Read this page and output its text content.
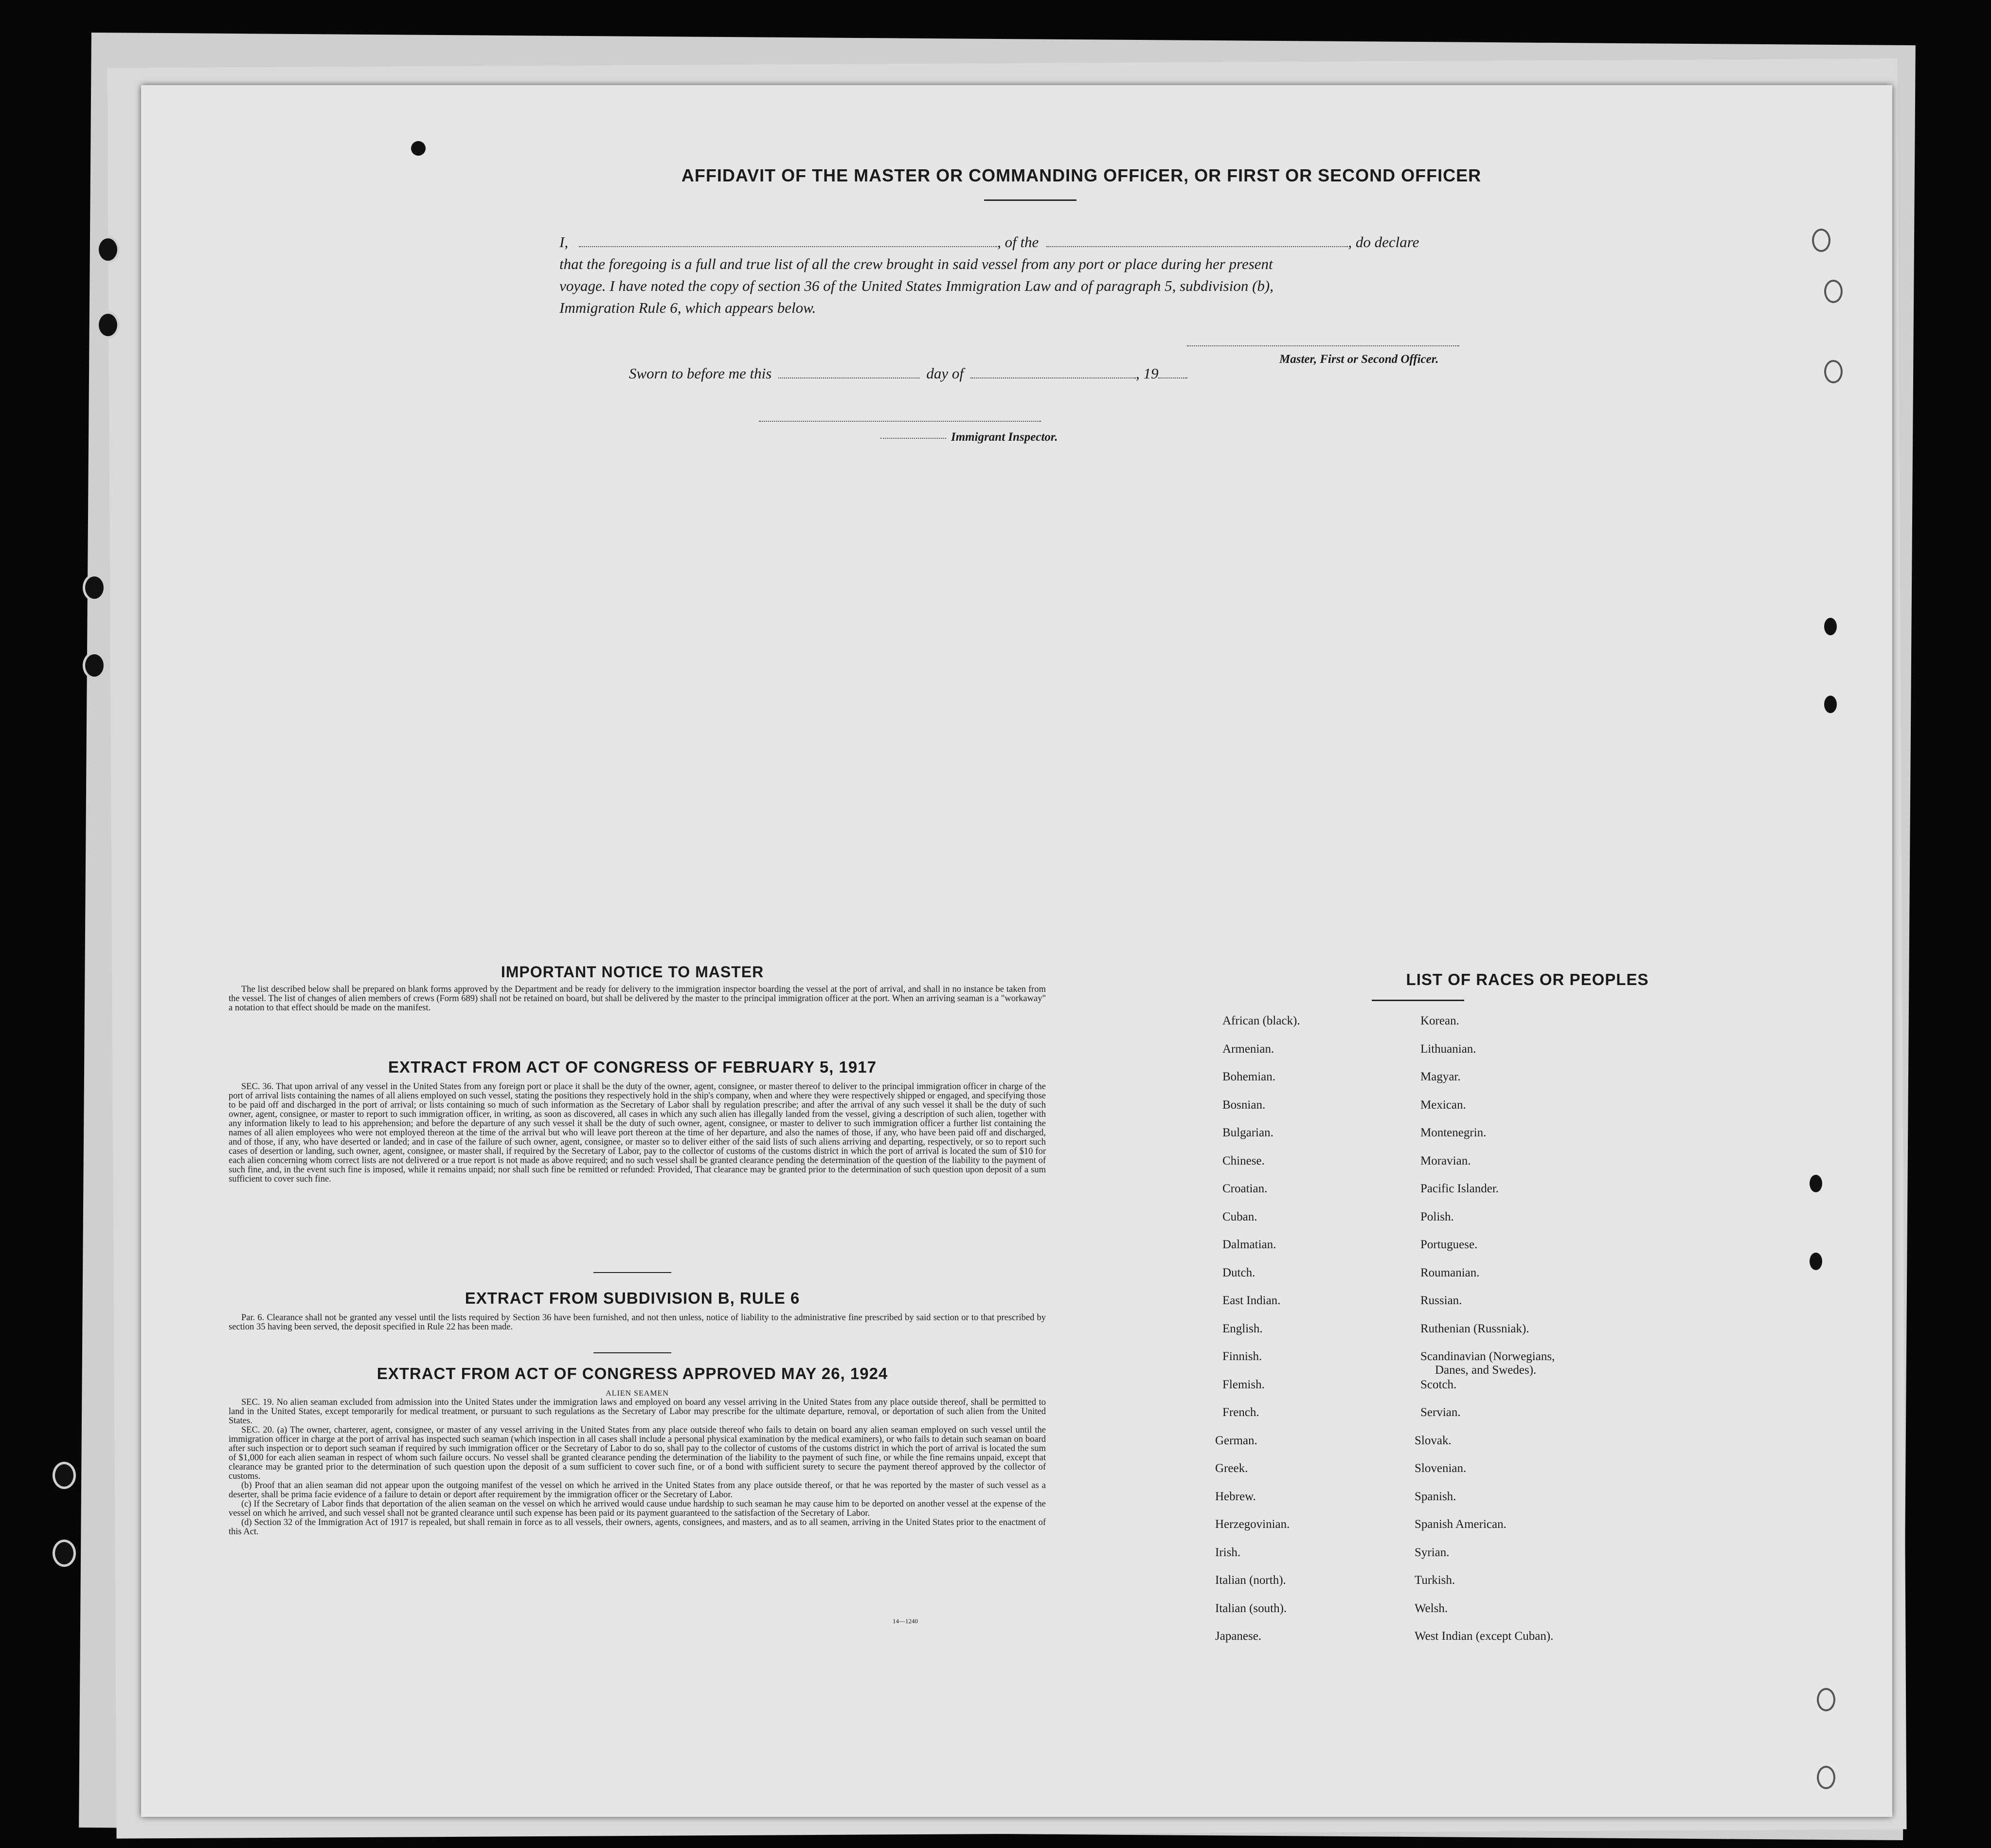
AFFIDAVIT OF THE MASTER OR COMMANDING OFFICER, OR FIRST OR SECOND OFFICER
I,	, of the	, do declare
that the foregoing is a full and true list of all the crew brought in said vessel from any port or place during her present
voyage. I have noted the copy of section 36 of the United States Immigration Law and of paragraph 5, subdivision (b),
Immigration Rule 6, which appears below.
Master, First or Second Officer.
Sworn to before me this	day of	, 19
Immigrant Inspector.
IMPORTANT NOTICE TO MASTER

The list described below shall be prepared on blank forms approved by the Department and be ready for delivery to the immigration inspector boarding the vessel at the port of arrival, and shall in no instance be taken from the vessel. The list of changes of alien members of crews (Form 689) shall not be retained on board, but shall be delivered by the master to the principal immigration officer at the port. When an arriving seaman is a "workaway" a notation to that effect should be made on the manifest.

EXTRACT FROM ACT OF CONGRESS OF FEBRUARY 5, 1917

SEC. 36. That upon arrival of any vessel in the United States from any foreign port or place it shall be the duty of the owner, agent, consignee, or master thereof to deliver to the principal immigration officer in charge of the port of arrival lists containing the names of all aliens employed on such vessel, stating the positions they respectively hold in the ship's company, when and where they were respectively shipped or engaged, and specifying those to be paid off and discharged in the port of arrival; or lists containing so much of such information as the Secretary of Labor shall by regulation prescribe; and after the arrival of any such vessel it shall be the duty of such owner, agent, consignee, or master to report to such immigration officer, in writing, as soon as discovered, all cases in which any such alien has illegally landed from the vessel, giving a description of such alien, together with any information likely to lead to his apprehension; and before the departure of any such vessel it shall be the duty of such owner, agent, consignee, or master to deliver to such immigration officer a further list containing the names of all alien employees who were not employed thereon at the time of the arrival but who will leave port thereon at the time of her departure, and also the names of those, if any, who have been paid off and discharged, and of those, if any, who have deserted or landed; and in case of the failure of such owner, agent, consignee, or master so to deliver either of the said lists of such aliens arriving and departing, respectively, or so to report such cases of desertion or landing, such owner, agent, consignee, or master shall, if required by the Secretary of Labor, pay to the collector of customs of the customs district in which the port of arrival is located the sum of $10 for each alien concerning whom correct lists are not delivered or a true report is not made as above required; and no such vessel shall be granted clearance pending the determination of the question of the liability to the payment of such fine, and, in the event such fine is imposed, while it remains unpaid; nor shall such fine be remitted or refunded: Provided, That clearance may be granted prior to the determination of such question upon deposit of a sum sufficient to cover such fine.

EXTRACT FROM SUBDIVISION B, RULE 6

Par. 6. Clearance shall not be granted any vessel until the lists required by Section 36 have been furnished, and not then unless, notice of liability to the administrative fine prescribed by said section or to that prescribed by section 35 having been served, the deposit specified in Rule 22 has been made.

EXTRACT FROM ACT OF CONGRESS APPROVED MAY 26, 1924

ALIEN SEAMEN

SEC. 19. No alien seaman excluded from admission into the United States under the immigration laws and employed on board any vessel arriving in the United States from any place outside thereof, shall be permitted to land in the United States, except temporarily for medical treatment, or pursuant to such regulations as the Secretary of Labor may prescribe for the ultimate departure, removal, or deportation of such alien from the United States.

SEC. 20. (a) The owner, charterer, agent, consignee, or master of any vessel arriving in the United States from any place outside thereof who fails to detain on board any alien seaman employed on such vessel until the immigration officer in charge at the port of arrival has inspected such seaman (which inspection in all cases shall include a personal physical examination by the medical examiners), or who fails to detain such seaman on board after such inspection or to deport such seaman if required by such immigration officer or the Secretary of Labor to do so, shall pay to the collector of customs of the customs district in which the port of arrival is located the sum of $1,000 for each alien seaman in respect of whom such failure occurs. No vessel shall be granted clearance pending the determination of the liability to the payment of such fine, or while the fine remains unpaid, except that clearance may be granted prior to the determination of such question upon the deposit of a sum sufficient to cover such fine, or of a bond with sufficient surety to secure the payment thereof approved by the collector of customs.

(b) Proof that an alien seaman did not appear upon the outgoing manifest of the vessel on which he arrived in the United States from any place outside thereof, or that he was reported by the master of such vessel as a deserter, shall be prima facie evidence of a failure to detain or deport after requirement by the immigration officer or the Secretary of Labor.

(c) If the Secretary of Labor finds that deportation of the alien seaman on the vessel on which he arrived would cause undue hardship to such seaman he may cause him to be deported on another vessel at the expense of the vessel on which he arrived, and such vessel shall not be granted clearance until such expense has been paid or its payment guaranteed to the satisfaction of the Secretary of Labor.

(d) Section 32 of the Immigration Act of 1917 is repealed, but shall remain in force as to all vessels, their owners, agents, consignees, and masters, and as to all seamen, arriving in the United States prior to the enactment of this Act.

14—1240
LIST OF RACES OR PEOPLES
African (black).
Armenian.
Bohemian.
Bosnian.
Bulgarian.
Chinese.
Croatian.
Cuban.
Dalmatian.
Dutch.
East Indian.
English.
Finnish.
Flemish.
French.
German.
Greek.
Hebrew.
Herzegovinian.
Irish.
Italian (north).
Italian (south).
Japanese.
Korean.
Lithuanian.
Magyar.
Mexican.
Montenegrin.
Moravian.
Pacific Islander.
Polish.
Portuguese.
Roumanian.
Russian.
Ruthenian (Russniak).
Scandinavian (Norwegians,
Danes, and Swedes).
Scotch.
Servian.
Slovak.
Slovenian.
Spanish.
Spanish American.
Syrian.
Turkish.
Welsh.
West Indian (except Cuban).
